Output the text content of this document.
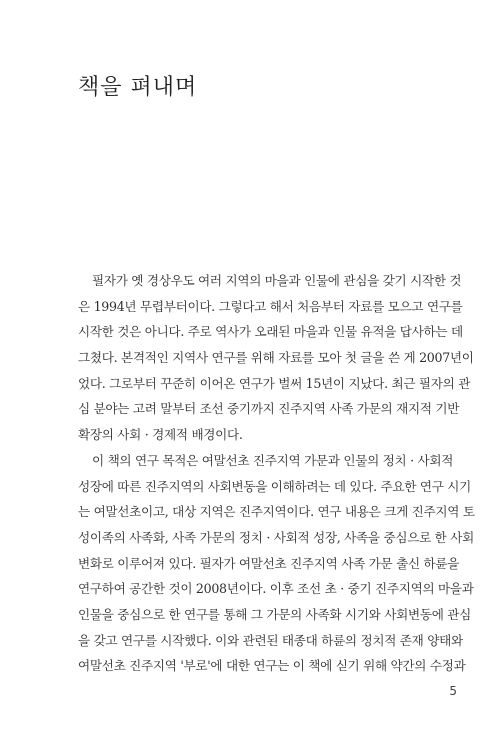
책을 펴내며
필자가 옛 경상우도 여러 지역의 마을과 인물에 관심을 갖기 시작한 것
은 1994년 무렵부터이다. 그렇다고 해서 처음부터 자료를 모으고 연구를
시작한 것은 아니다. 주로 역사가 오래된 마을과 인물 유적을 답사하는 데
그쳤다. 본격적인 지역사 연구를 위해 자료를 모아 첫 글을 쓴 게 2007년이
었다. 그로부터 꾸준히 이어온 연구가 벌써 15년이 지났다. 최근 필자의 관
심 분야는 고려 말부터 조선 중기까지 진주지역 사족 가문의 재지적 기반
확장의 사회 · 경제적 배경이다.
이 책의 연구 목적은 여말선초 진주지역 가문과 인물의 정치 · 사회적
성장에 따른 진주지역의 사회변동을 이해하려는 데 있다. 주요한 연구 시기
는 여말선초이고, 대상 지역은 진주지역이다. 연구 내용은 크게 진주지역 토
성이족의 사족화, 사족 가문의 정치 · 사회적 성장, 사족을 중심으로 한 사회
변화로 이루어져 있다. 필자가 여말선초 진주지역 사족 가문 출신 하륜을
연구하여 공간한 것이 2008년이다. 이후 조선 초 · 중기 진주지역의 마을과
인물을 중심으로 한 연구를 통해 그 가문의 사족화 시기와 사회변동에 관심
을 갖고 연구를 시작했다. 이와 관련된 태종대 하륜의 정치적 존재 양태와
여말선초 진주지역 '부로'에 대한 연구는 이 책에 싣기 위해 약간의 수정과
5
